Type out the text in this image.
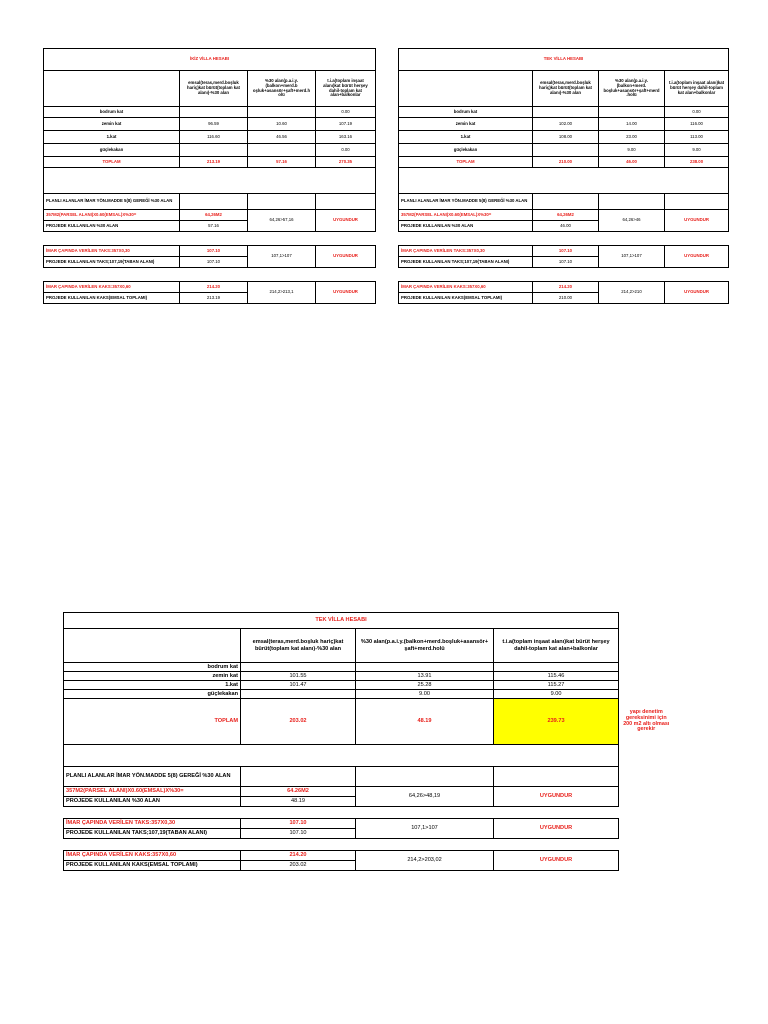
İKİZ VİLLA HESABI			
	emsal(teras,merd.boşluk hariç)kat bürüt(toplam kat alanı)-%30 alan	%30 alan(p.a.i.y.(balkon+merd.b oşluk+asansör+şaft+merd.h olü	t.i.a(toplam inşaat alanı)kat bürüt herşey dahil-toplam kat alan+balkonlar
bodrum kat			0.00
zemin kat	96.59	10.60	107.19
1.kat	116.60	46.56	163.16
güçlekakan			0.00
TOPLAM	213.19	57.16	270.35

PLANLI ALANLAR İMAR YÖN.MADDE 5(8) GEREĞİ %30 ALAN			
357M2(PARSEL ALANI)X0.60(EMSAL)X%30=	64,26M2	64,26>57,16	UYGUNDUR
PROJEDE KULLANILAN %30 ALAN	57.16		

İMAR ÇAPINDA VERİLEN TAKS:357X0,30	107.10	107,1>107	UYGUNDUR
PROJEDE KULLANILAN TAKS;107,19(TABAN ALANI)	107.10		

İMAR ÇAPINDA VERİLEN KAKS:357X0,60	214.20	214,2>213,1	UYGUNDUR
PROJEDE KULLANILAN KAKS(EMSAL TOPLAMI)	213.19		
TEK VİLLA HESABI			
	emsal(teras,merd.boşluk hariç)kat bürüt(toplam kat alanı)-%30 alan	%30 alan(p.a.i.y.(balkon+merd. boşluk+asansör+şaft+merd .holü	t.i.a(toplam inşaat alanı)kat bürüt herşey dahil-toplam kat alan+balkonlar
bodrum kat			0.00
zemin kat	102.00	14.00	116.00
1.kat	108.00	23.00	113.00
güçlekakan		9.00	9.00
TOPLAM	210.00	46.00	238.00

PLANLI ALANLAR İMAR YÖN.MADDE 5(8) GEREĞİ %30 ALAN			
357M2(PARSEL ALANI)X0.60(EMSAL)X%30=	64,26M2	64,26>46	UYGUNDUR
PROJEDE KULLANILAN %30 ALAN	46.00		

İMAR ÇAPINDA VERİLEN TAKS:357X0,30	107.10	107,1>107	UYGUNDUR
PROJEDE KULLANILAN TAKS;107,19(TABAN ALANI)	107.10		

İMAR ÇAPINDA VERİLEN KAKS:357X0,60	214.20	214,2>210	UYGUNDUR
PROJEDE KULLANILAN KAKS(EMSAL TOPLAMI)	210.00		
TEK VİLLA HESABI				
	emsal(teras,merd.boşluk hariç)kat bürüt(toplam kat alanı)-%30 alan	%30 alan(p.a.i.y.(balkon+merd.boşluk+asansör+ şaft+merd.holü	t.i.a(toplam inşaat alanı)kat bürüt herşey dahil-toplam kat alan+balkonlar	
bodrum kat				
zemin kat	101.55	13.91	115.46	
1.kat	101.47	25.28	115.27	
güçlekakan		9.00	9.00	
TOPLAM	203.02	48.19	239.73	yapı denetim gereksinimi için 200 m2 altı olması gerekir

PLANLI ALANLAR İMAR YÖN.MADDE 5(8) GEREĞİ %30 ALAN				
357M2(PARSEL ALANI)X0.60(EMSAL)X%30=	64.26M2	64,26>48,19	UYGUNDUR	
PROJEDE KULLANILAN %30 ALAN	48.19			

İMAR ÇAPINDA VERİLEN TAKS:357X0,30	107.10	107,1>107	UYGUNDUR	
PROJEDE KULLANILAN TAKS;107,19(TABAN ALANI)	107.10			

İMAR ÇAPINDA VERİLEN KAKS:357X0,60	214.20	214,2>203,02	UYGUNDUR	
PROJEDE KULLANILAN KAKS(EMSAL TOPLAMI)	203.02			
